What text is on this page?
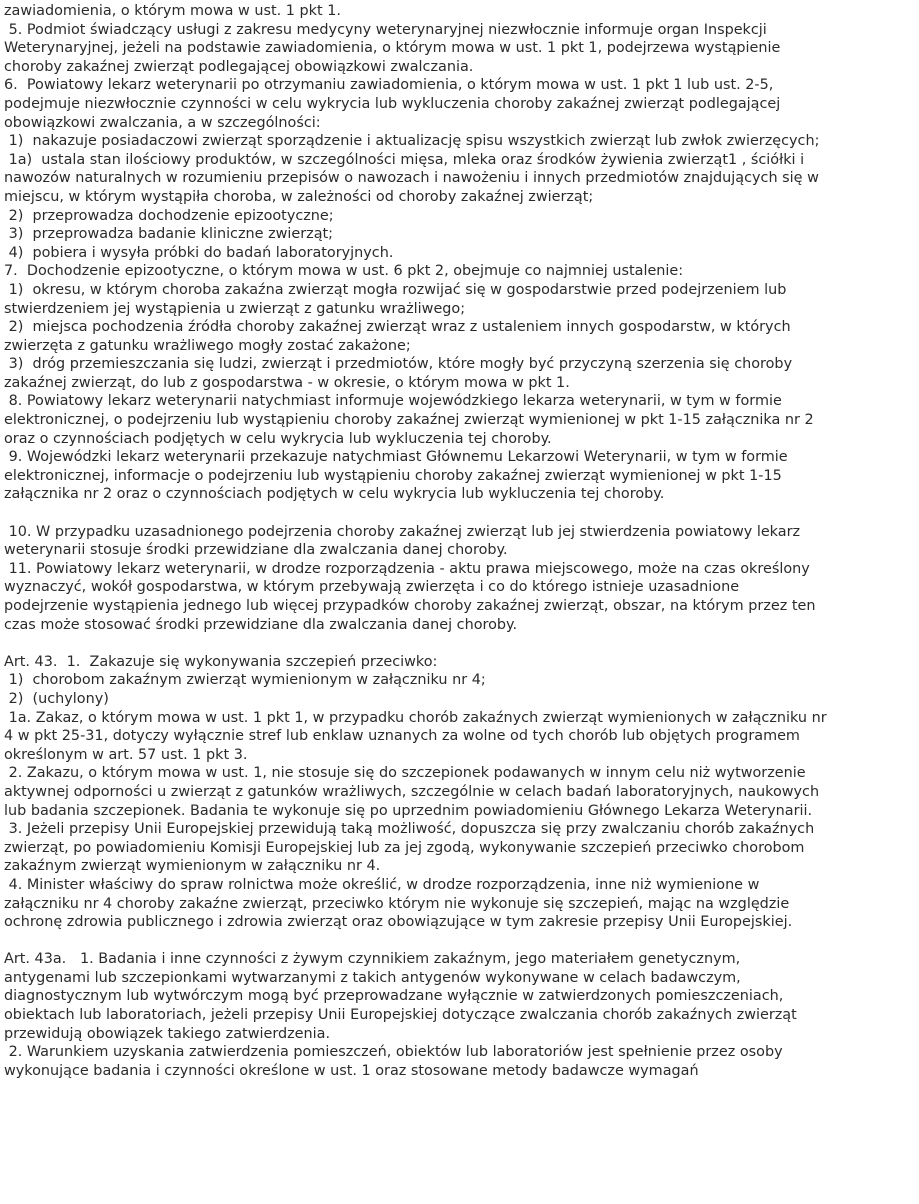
zawiadomienia, o którym mowa w ust. 1 pkt 1.
5. Podmiot świadczący usługi z zakresu medycyny weterynaryjnej niezwłocznie informuje organ Inspekcji
Weterynaryjnej, jeżeli na podstawie zawiadomienia, o którym mowa w ust. 1 pkt 1, podejrzewa wystąpienie
choroby zakaźnej zwierząt podlegającej obowiązkowi zwalczania.
6.  Powiatowy lekarz weterynarii po otrzymaniu zawiadomienia, o którym mowa w ust. 1 pkt 1 lub ust. 2-5,
podejmuje niezwłocznie czynności w celu wykrycia lub wykluczenia choroby zakaźnej zwierząt podlegającej
obowiązkowi zwalczania, a w szczególności:
1)  nakazuje posiadaczowi zwierząt sporządzenie i aktualizację spisu wszystkich zwierząt lub zwłok zwierzęcych;
1a)  ustala stan ilościowy produktów, w szczególności mięsa, mleka oraz środków żywienia zwierząt1 , ściółki i
nawozów naturalnych w rozumieniu przepisów o nawozach i nawożeniu i innych przedmiotów znajdujących się w
miejscu, w którym wystąpiła choroba, w zależności od choroby zakaźnej zwierząt;
2)  przeprowadza dochodzenie epizootyczne;
3)  przeprowadza badanie kliniczne zwierząt;
4)  pobiera i wysyła próbki do badań laboratoryjnych.
7.  Dochodzenie epizootyczne, o którym mowa w ust. 6 pkt 2, obejmuje co najmniej ustalenie:
1)  okresu, w którym choroba zakaźna zwierząt mogła rozwijać się w gospodarstwie przed podejrzeniem lub
stwierdzeniem jej wystąpienia u zwierząt z gatunku wrażliwego;
2)  miejsca pochodzenia źródła choroby zakaźnej zwierząt wraz z ustaleniem innych gospodarstw, w których
zwierzęta z gatunku wrażliwego mogły zostać zakażone;
3)  dróg przemieszczania się ludzi, zwierząt i przedmiotów, które mogły być przyczyną szerzenia się choroby
zakaźnej zwierząt, do lub z gospodarstwa - w okresie, o którym mowa w pkt 1.
8. Powiatowy lekarz weterynarii natychmiast informuje wojewódzkiego lekarza weterynarii, w tym w formie
elektronicznej, o podejrzeniu lub wystąpieniu choroby zakaźnej zwierząt wymienionej w pkt 1-15 załącznika nr 2
oraz o czynnościach podjętych w celu wykrycia lub wykluczenia tej choroby.
9. Wojewódzki lekarz weterynarii przekazuje natychmiast Głównemu Lekarzowi Weterynarii, w tym w formie
elektronicznej, informacje o podejrzeniu lub wystąpieniu choroby zakaźnej zwierząt wymienionej w pkt 1-15
załącznika nr 2 oraz o czynnościach podjętych w celu wykrycia lub wykluczenia tej choroby.
10. W przypadku uzasadnionego podejrzenia choroby zakaźnej zwierząt lub jej stwierdzenia powiatowy lekarz
weterynarii stosuje środki przewidziane dla zwalczania danej choroby.
11. Powiatowy lekarz weterynarii, w drodze rozporządzenia - aktu prawa miejscowego, może na czas określony
wyznaczyć, wokół gospodarstwa, w którym przebywają zwierzęta i co do którego istnieje uzasadnione
podejrzenie wystąpienia jednego lub więcej przypadków choroby zakaźnej zwierząt, obszar, na którym przez ten
czas może stosować środki przewidziane dla zwalczania danej choroby.
Art. 43.  1.  Zakazuje się wykonywania szczepień przeciwko:
1)  chorobom zakaźnym zwierząt wymienionym w załączniku nr 4;
2)  (uchylony)
1a. Zakaz, o którym mowa w ust. 1 pkt 1, w przypadku chorób zakaźnych zwierząt wymienionych w załączniku nr
4 w pkt 25-31, dotyczy wyłącznie stref lub enklaw uznanych za wolne od tych chorób lub objętych programem
określonym w art. 57 ust. 1 pkt 3.
2. Zakazu, o którym mowa w ust. 1, nie stosuje się do szczepionek podawanych w innym celu niż wytworzenie
aktywnej odporności u zwierząt z gatunków wrażliwych, szczególnie w celach badań laboratoryjnych, naukowych
lub badania szczepionek. Badania te wykonuje się po uprzednim powiadomieniu Głównego Lekarza Weterynarii.
3. Jeżeli przepisy Unii Europejskiej przewidują taką możliwość, dopuszcza się przy zwalczaniu chorób zakaźnych
zwierząt, po powiadomieniu Komisji Europejskiej lub za jej zgodą, wykonywanie szczepień przeciwko chorobom
zakaźnym zwierząt wymienionym w załączniku nr 4.
4. Minister właściwy do spraw rolnictwa może określić, w drodze rozporządzenia, inne niż wymienione w
załączniku nr 4 choroby zakaźne zwierząt, przeciwko którym nie wykonuje się szczepień, mając na względzie
ochronę zdrowia publicznego i zdrowia zwierząt oraz obowiązujące w tym zakresie przepisy Unii Europejskiej.
Art. 43a.   1. Badania i inne czynności z żywym czynnikiem zakaźnym, jego materiałem genetycznym,
antygenami lub szczepionkami wytwarzanymi z takich antygenów wykonywane w celach badawczym,
diagnostycznym lub wytwórczym mogą być przeprowadzane wyłącznie w zatwierdzonych pomieszczeniach,
obiektach lub laboratoriach, jeżeli przepisy Unii Europejskiej dotyczące zwalczania chorób zakaźnych zwierząt
przewidują obowiązek takiego zatwierdzenia.
2. Warunkiem uzyskania zatwierdzenia pomieszczeń, obiektów lub laboratoriów jest spełnienie przez osoby
wykonujące badania i czynności określone w ust. 1 oraz stosowane metody badawcze wymagań
